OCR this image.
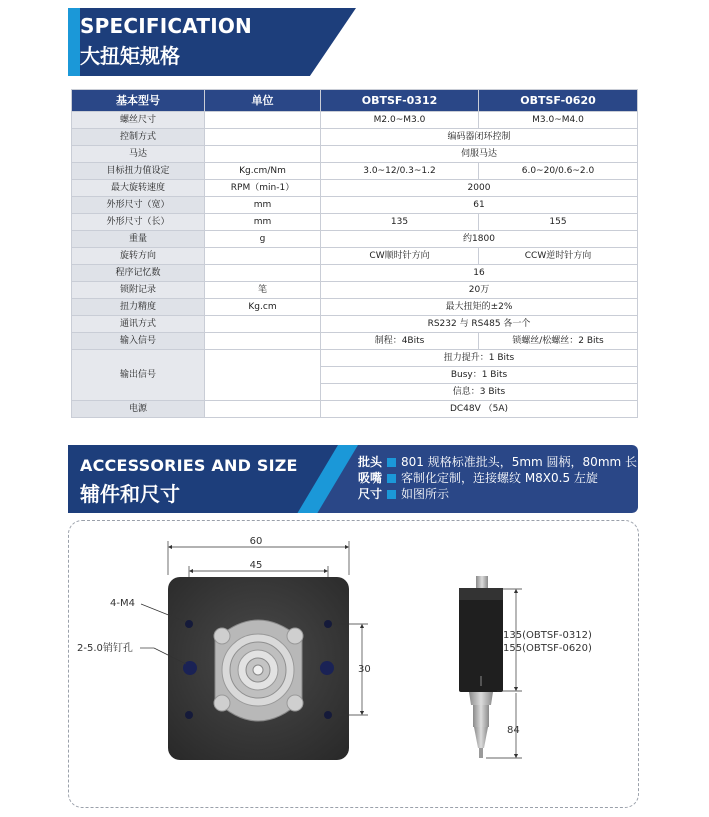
SPECIFICATION
大扭矩规格
基本型号	单位	OBTSF-0312	OBTSF-0620
螺丝尺寸		M2.0~M3.0	M3.0~M4.0
控制方式		编码器闭环控制	
马达		伺服马达	
目标扭力值设定	Kg.cm/Nm	3.0~12/0.3~1.2	6.0~20/0.6~2.0
最大旋转速度	RPM（min-1）	2000	
外形尺寸（宽）	mm	61	
外形尺寸（长）	mm	135	155
重量	g	约1800	
旋转方向		CW顺时针方向	CCW逆时针方向
程序记忆数		16	
锁附记录	笔	20万	
扭力精度	Kg.cm	最大扭矩的±2%	
通讯方式		RS232 与 RS485 各一个	
输入信号		制程：4Bits	锁螺丝/松螺丝：2 Bits
输出信号		扭力提升：1 Bits	
		Busy：1 Bits	
		信息：3 Bits	
电源		DC48V （5A)	
ACCESSORIES AND SIZE
辅件和尺寸
批头 801 规格标准批头，5mm 圆柄，80mm 长
吸嘴 客制化定制，连接螺纹 M8X0.5 左旋
尺寸 如图所示
60
45
30
4-M4
2-5.0销钉孔
135(OBTSF-0312)
155(OBTSF-0620)
84
